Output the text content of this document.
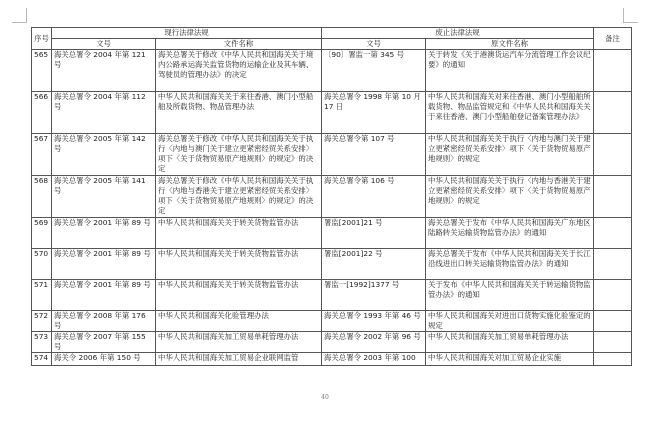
序号	现行法律法规		废止法律法规		备注
	文号	文件名称	文号	原文件名称	
565	海关总署令 2004 年第 121 号	海关总署关于修改《中华人民共和国海关关于境内公路承运海关监管货物的运输企业及其车辆、驾驶员的管理办法》的决定	〔90〕署监一第 345 号	关于转发《关于港澳货运汽车分流管理工作会议纪要》的通知	
566	海关总署令 2004 年第 112 号	中华人民共和国海关关于来往香港、澳门小型船舶及所载货物、物品管理办法	海关总署令 1998 年第 10 月 17 日	中华人民共和国海关对来往香港、澳门小型船舶所载货物、物品监管规定和《中华人民共和国海关关于来往香港、澳门小型船舶登记备案管理办法》	
567	海关总署令 2005 年第 142 号	海关总署关于修改《中华人民共和国海关关于执行〈内地与澳门关于建立更紧密经贸关系安排〉项下〈关于货物贸易原产地规则〉的规定》的决定	海关总署令第 107 号	中华人民共和国海关关于执行〈内地与澳门关于建立更紧密经贸关系安排〉项下〈关于货物贸易原产地规则〉的规定	
568	海关总署令 2005 年第 141 号	海关总署关于修改《中华人民共和国海关关于执行〈内地与香港关于建立更紧密经贸关系安排〉项下〈关于货物贸易原产地规则〉的规定》的决定	海关总署令第 106 号	中华人民共和国海关关于执行〈内地与香港关于建立更紧密经贸关系安排〉项下〈关于货物贸易原产地规则〉的规定	
569	海关总署令 2001 年第 89 号	中华人民共和国海关关于转关货物监管办法	署监[2001]21 号	海关总署关于发布《中华人民共和国海关广东地区陆路转关运输货物监管办法》的通知	
570	海关总署令 2001 年第 89 号	中华人民共和国海关关于转关货物监管办法	署监[2001]22 号	海关总署关于发布《中华人民共和国海关关于长江沿线进出口转关运输货物监管办法》的通知	
571	海关总署令 2001 年第 89 号	中华人民共和国海关关于转关货物监管办法	署监一[1992]1377 号	关于发布《中华人民共和国海关关于转运输货物监管办法》的通知	
572	海关总署令 2008 年第 176 号	中华人民共和国海关化验管理办法	海关总署令 1993 年第 46 号	中华人民共和国海关对进出口货物实施化验鉴定的规定	
573	海关总署令 2007 年第 155 号	中华人民共和国海关加工贸易单耗管理办法	海关总署令 2002 年第 96 号	中华人民共和国海关加工贸易单耗管理办法	
574	海关令 2006 年第 150 号	中华人民共和国海关加工贸易企业联网监管	海关总署令 2003 年第 100	中华人民共和国海关对加工贸易企业实施	
40
